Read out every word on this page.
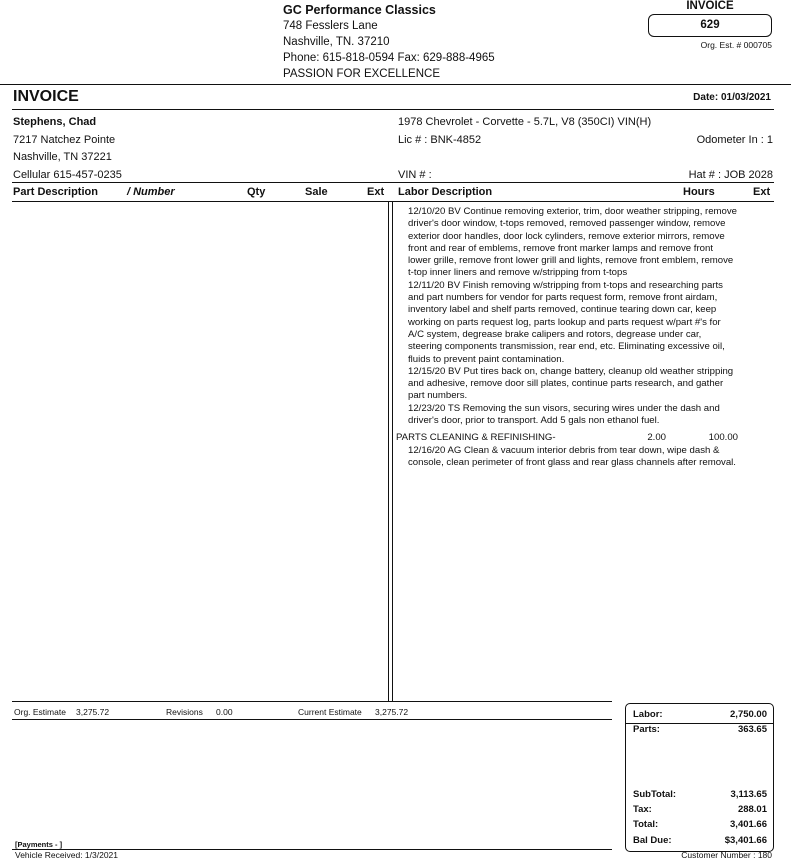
GC Performance Classics
748 Fesslers Lane
Nashville, TN. 37210
Phone: 615-818-0594 Fax: 629-888-4965
PASSION FOR EXCELLENCE
INVOICE
629
Org. Est. # 000705
INVOICE	Date: 01/03/2021
Stephens, Chad
7217 Natchez Pointe
Nashville, TN 37221
Cellular 615-457-0235
1978 Chevrolet - Corvette - 5.7L, V8 (350CI) VIN(H)
Lic # : BNK-4852	Odometer In : 1
VIN # :	Hat # : JOB 2028
Part Description	/ Number	Qty	Sale	Ext Labor Description	Hours	Ext

12/10/20 BV Continue removing exterior, trim, door weather stripping, remove driver's door window, t-tops removed, removed passenger window, remove exterior door handles, door lock cylinders, remove exterior mirrors, remove front and rear of emblems, remove front marker lamps and remove front lower grille, remove front lower grill and lights, remove front emblem, remove t-top inner liners and remove w/stripping from t-tops

12/11/20 BV Finish removing w/stripping from t-tops and researching parts and part numbers for vendor for parts request form, remove front airdam, inventory label and shelf parts removed, continue tearing down car, keep working on parts request log, parts lookup and parts request w/part #'s for A/C system, degrease brake calipers and rotors, degrease under car, steering components transmission, rear end, etc. Eliminating excessive oil, fluids to prevent paint contamination.

12/15/20 BV Put tires back on, change battery, cleanup old weather stripping and adhesive, remove door sill plates, continue parts research, and gather part numbers.

12/23/20 TS Removing the sun visors, securing wires under the dash and driver's door, prior to transport. Add 5 gals non ethanol fuel.

PARTS CLEANING & REFINISHING-	2.00	100.00

12/16/20 AG Clean & vacuum interior debris from tear down, wipe dash & console, clean perimeter of front glass and rear glass channels after removal.

Org. Estimate 3,275.72	Revisions 0.00	Current Estimate 3,275.72	Labor:	2,750.00
Parts:	363.65
SubTotal:	3,113.65
Tax:	288.01
Total:	3,401.66
Bal Due:	$3,401.66
[Payments - ]
Vehicle Received: 1/3/2021	Customer Number : 180
